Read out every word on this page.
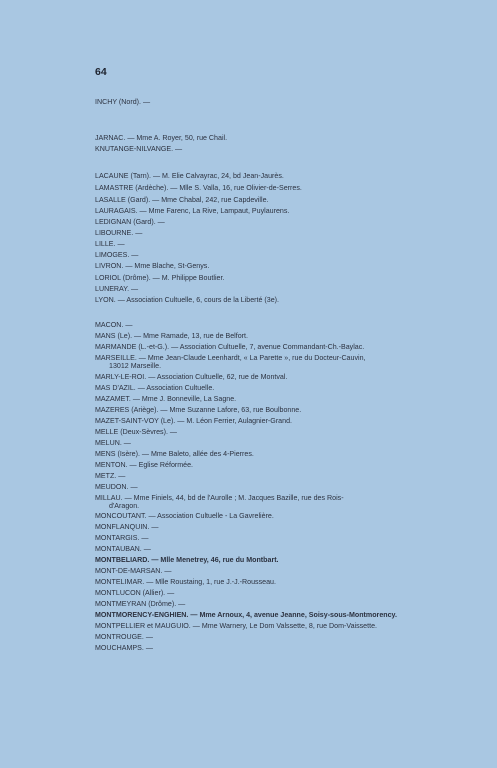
64
INCHY (Nord). —
JARNAC. — Mme A. Royer, 50, rue Chail.
KNUTANGE-NILVANGE. —
LACAUNE (Tarn). — M. Elie Calvayrac, 24, bd Jean-Jaurès.
LAMASTRE (Ardèche). — Mlle S. Valla, 16, rue Olivier-de-Serres.
LASALLE (Gard). — Mme Chabal, 242, rue Capdeville.
LAURAGAIS. — Mme Farenc, La Rive, Lampaut, Puylaurens.
LEDIGNAN (Gard). —
LIBOURNE. —
LILLE. —
LIMOGES. —
LIVRON. — Mme Blache, St-Genys.
LORIOL (Drôme). — M. Philippe Boutlier.
LUNERAY. —
LYON. — Association Cultuelle, 6, cours de la Liberté (3e).
MACON. —
MANS (Le). — Mme Ramade, 13, rue de Belfort.
MARMANDE (L.-et-G.). — Association Cultuelle, 7, avenue Commandant-Ch.-Baylac.
MARSEILLE. — Mme Jean-Claude Leenhardt, « La Parette », rue du Docteur-Cauvin,
13012 Marseille.
MARLY-LE-ROI. — Association Cultuelle, 62, rue de Montval.
MAS D'AZIL. — Association Cultuelle.
MAZAMET. — Mme J. Bonneville, La Sagne.
MAZERES (Ariège). — Mme Suzanne Lafore, 63, rue Boulbonne.
MAZET-SAINT-VOY (Le). — M. Léon Ferrier, Aulagnier-Grand.
MELLE (Deux-Sèvres). —
MELUN. —
MENS (Isère). — Mme Baleto, allée des 4-Pierres.
MENTON. — Eglise Réformée.
METZ. —
MEUDON. —
MILLAU. — Mme Finiels, 44, bd de l'Aurolle ; M. Jacques Bazille, rue des Rois-
d'Aragon.
MONCOUTANT. — Association Cultuelle - La Gavrelière.
MONFLANQUIN. —
MONTARGIS. —
MONTAUBAN. —
MONTBELIARD. — Mlle Menetrey, 46, rue du Montbart.
MONT-DE-MARSAN. —
MONTELIMAR. — Mlle Roustaing, 1, rue J.-J.-Rousseau.
MONTLUCON (Allier). —
MONTMEYRAN (Drôme). —
MONTMORENCY-ENGHIEN. — Mme Arnoux, 4, avenue Jeanne, Soisy-sous-Montmorency.
MONTPELLIER et MAUGUIO. — Mme Warnery, Le Dom Valssette, 8, rue Dom-Vaissette.
MONTROUGE. —
MOUCHAMPS. —
